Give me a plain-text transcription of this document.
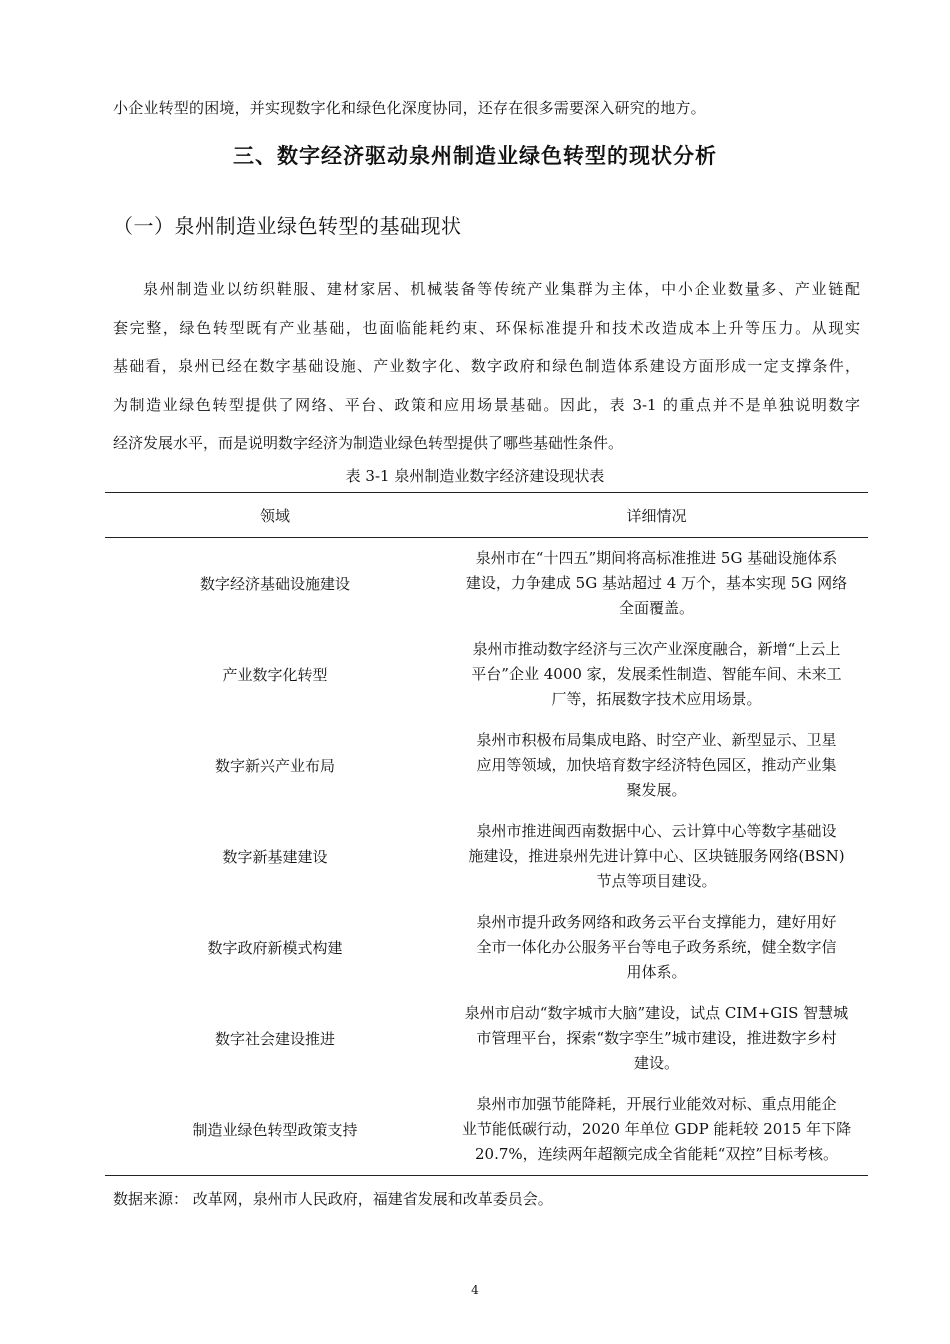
小企业转型的困境，并实现数字化和绿色化深度协同，还存在很多需要深入研究的地方。
三、数字经济驱动泉州制造业绿色转型的现状分析
（一）泉州制造业绿色转型的基础现状
泉州制造业以纺织鞋服、建材家居、机械装备等传统产业集群为主体，中小企业数量多、产业链配
套完整，绿色转型既有产业基础，也面临能耗约束、环保标准提升和技术改造成本上升等压力。从现实
基础看，泉州已经在数字基础设施、产业数字化、数字政府和绿色制造体系建设方面形成一定支撑条件，
为制造业绿色转型提供了网络、平台、政策和应用场景基础。因此，表 3-1 的重点并不是单独说明数字
经济发展水平，而是说明数字经济为制造业绿色转型提供了哪些基础性条件。
表 3-1 泉州制造业数字经济建设现状表
领域	详细情况
数字经济基础设施建设	泉州市在“十四五”期间将高标准推进 5G 基础设施体系
建设，力争建成 5G 基站超过 4 万个，基本实现 5G 网络
全面覆盖。

产业数字化转型	泉州市推动数字经济与三次产业深度融合，新增“上云上
平台”企业 4000 家，发展柔性制造、智能车间、未来工
厂等，拓展数字技术应用场景。

数字新兴产业布局	泉州市积极布局集成电路、时空产业、新型显示、卫星
应用等领域，加快培育数字经济特色园区，推动产业集
聚发展。

数字新基建建设	泉州市推进闽西南数据中心、云计算中心等数字基础设
施建设，推进泉州先进计算中心、区块链服务网络(BSN)
节点等项目建设。

数字政府新模式构建	泉州市提升政务网络和政务云平台支撑能力，建好用好
全市一体化办公服务平台等电子政务系统，健全数字信
用体系。

数字社会建设推进	泉州市启动“数字城市大脑”建设，试点 CIM+GIS 智慧城
市管理平台，探索“数字孪生”城市建设，推进数字乡村
建设。

制造业绿色转型政策支持	泉州市加强节能降耗，开展行业能效对标、重点用能企
业节能低碳行动，2020 年单位 GDP 能耗较 2015 年下降
20.7%，连续两年超额完成全省能耗“双控”目标考核。
数据来源： 改革网，泉州市人民政府，福建省发展和改革委员会。
4
